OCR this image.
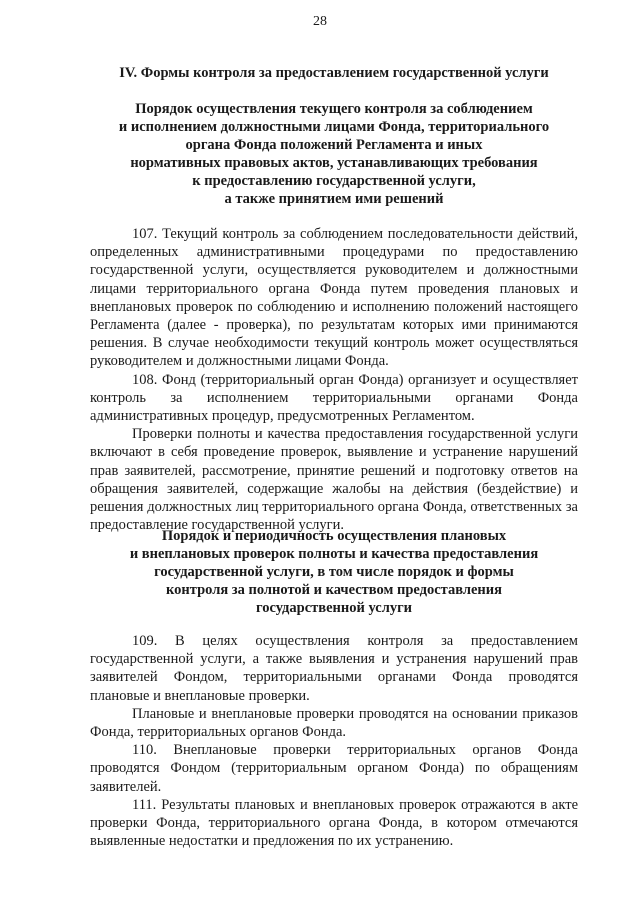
28
IV. Формы контроля за предоставлением государственной услуги
Порядок осуществления текущего контроля за соблюдением
и исполнением должностными лицами Фонда, территориального
органа Фонда положений Регламента и иных
нормативных правовых актов, устанавливающих требования
к предоставлению государственной услуги,
а также принятием ими решений

107. Текущий контроль за соблюдением последовательности действий, определенных административными процедурами по предоставлению государственной услуги, осуществляется руководителем и должностными лицами территориального органа Фонда путем проведения плановых и внеплановых проверок по соблюдению и исполнению положений настоящего Регламента (далее - проверка), по результатам которых ими принимаются решения. В случае необходимости текущий контроль может осуществляться руководителем и должностными лицами Фонда.

108. Фонд (территориальный орган Фонда) организует и осуществляет контроль за исполнением территориальными органами Фонда административных процедур, предусмотренных Регламентом.

Проверки полноты и качества предоставления государственной услуги включают в себя проведение проверок, выявление и устранение нарушений прав заявителей, рассмотрение, принятие решений и подготовку ответов на обращения заявителей, содержащие жалобы на действия (бездействие) и решения должностных лиц территориального органа Фонда, ответственных за предоставление государственной услуги.

Порядок и периодичность осуществления плановых
и внеплановых проверок полноты и качества предоставления
государственной услуги, в том числе порядок и формы
контроля за полнотой и качеством предоставления
государственной услуги

109. В целях осуществления контроля за предоставлением государственной услуги, а также выявления и устранения нарушений прав заявителей Фондом, территориальными органами Фонда проводятся плановые и внеплановые проверки.

Плановые и внеплановые проверки проводятся на основании приказов Фонда, территориальных органов Фонда.

110. Внеплановые проверки территориальных органов Фонда проводятся Фондом (территориальным органом Фонда) по обращениям заявителей.

111. Результаты плановых и внеплановых проверок отражаются в акте проверки Фонда, территориального органа Фонда, в котором отмечаются выявленные недостатки и предложения по их устранению.
